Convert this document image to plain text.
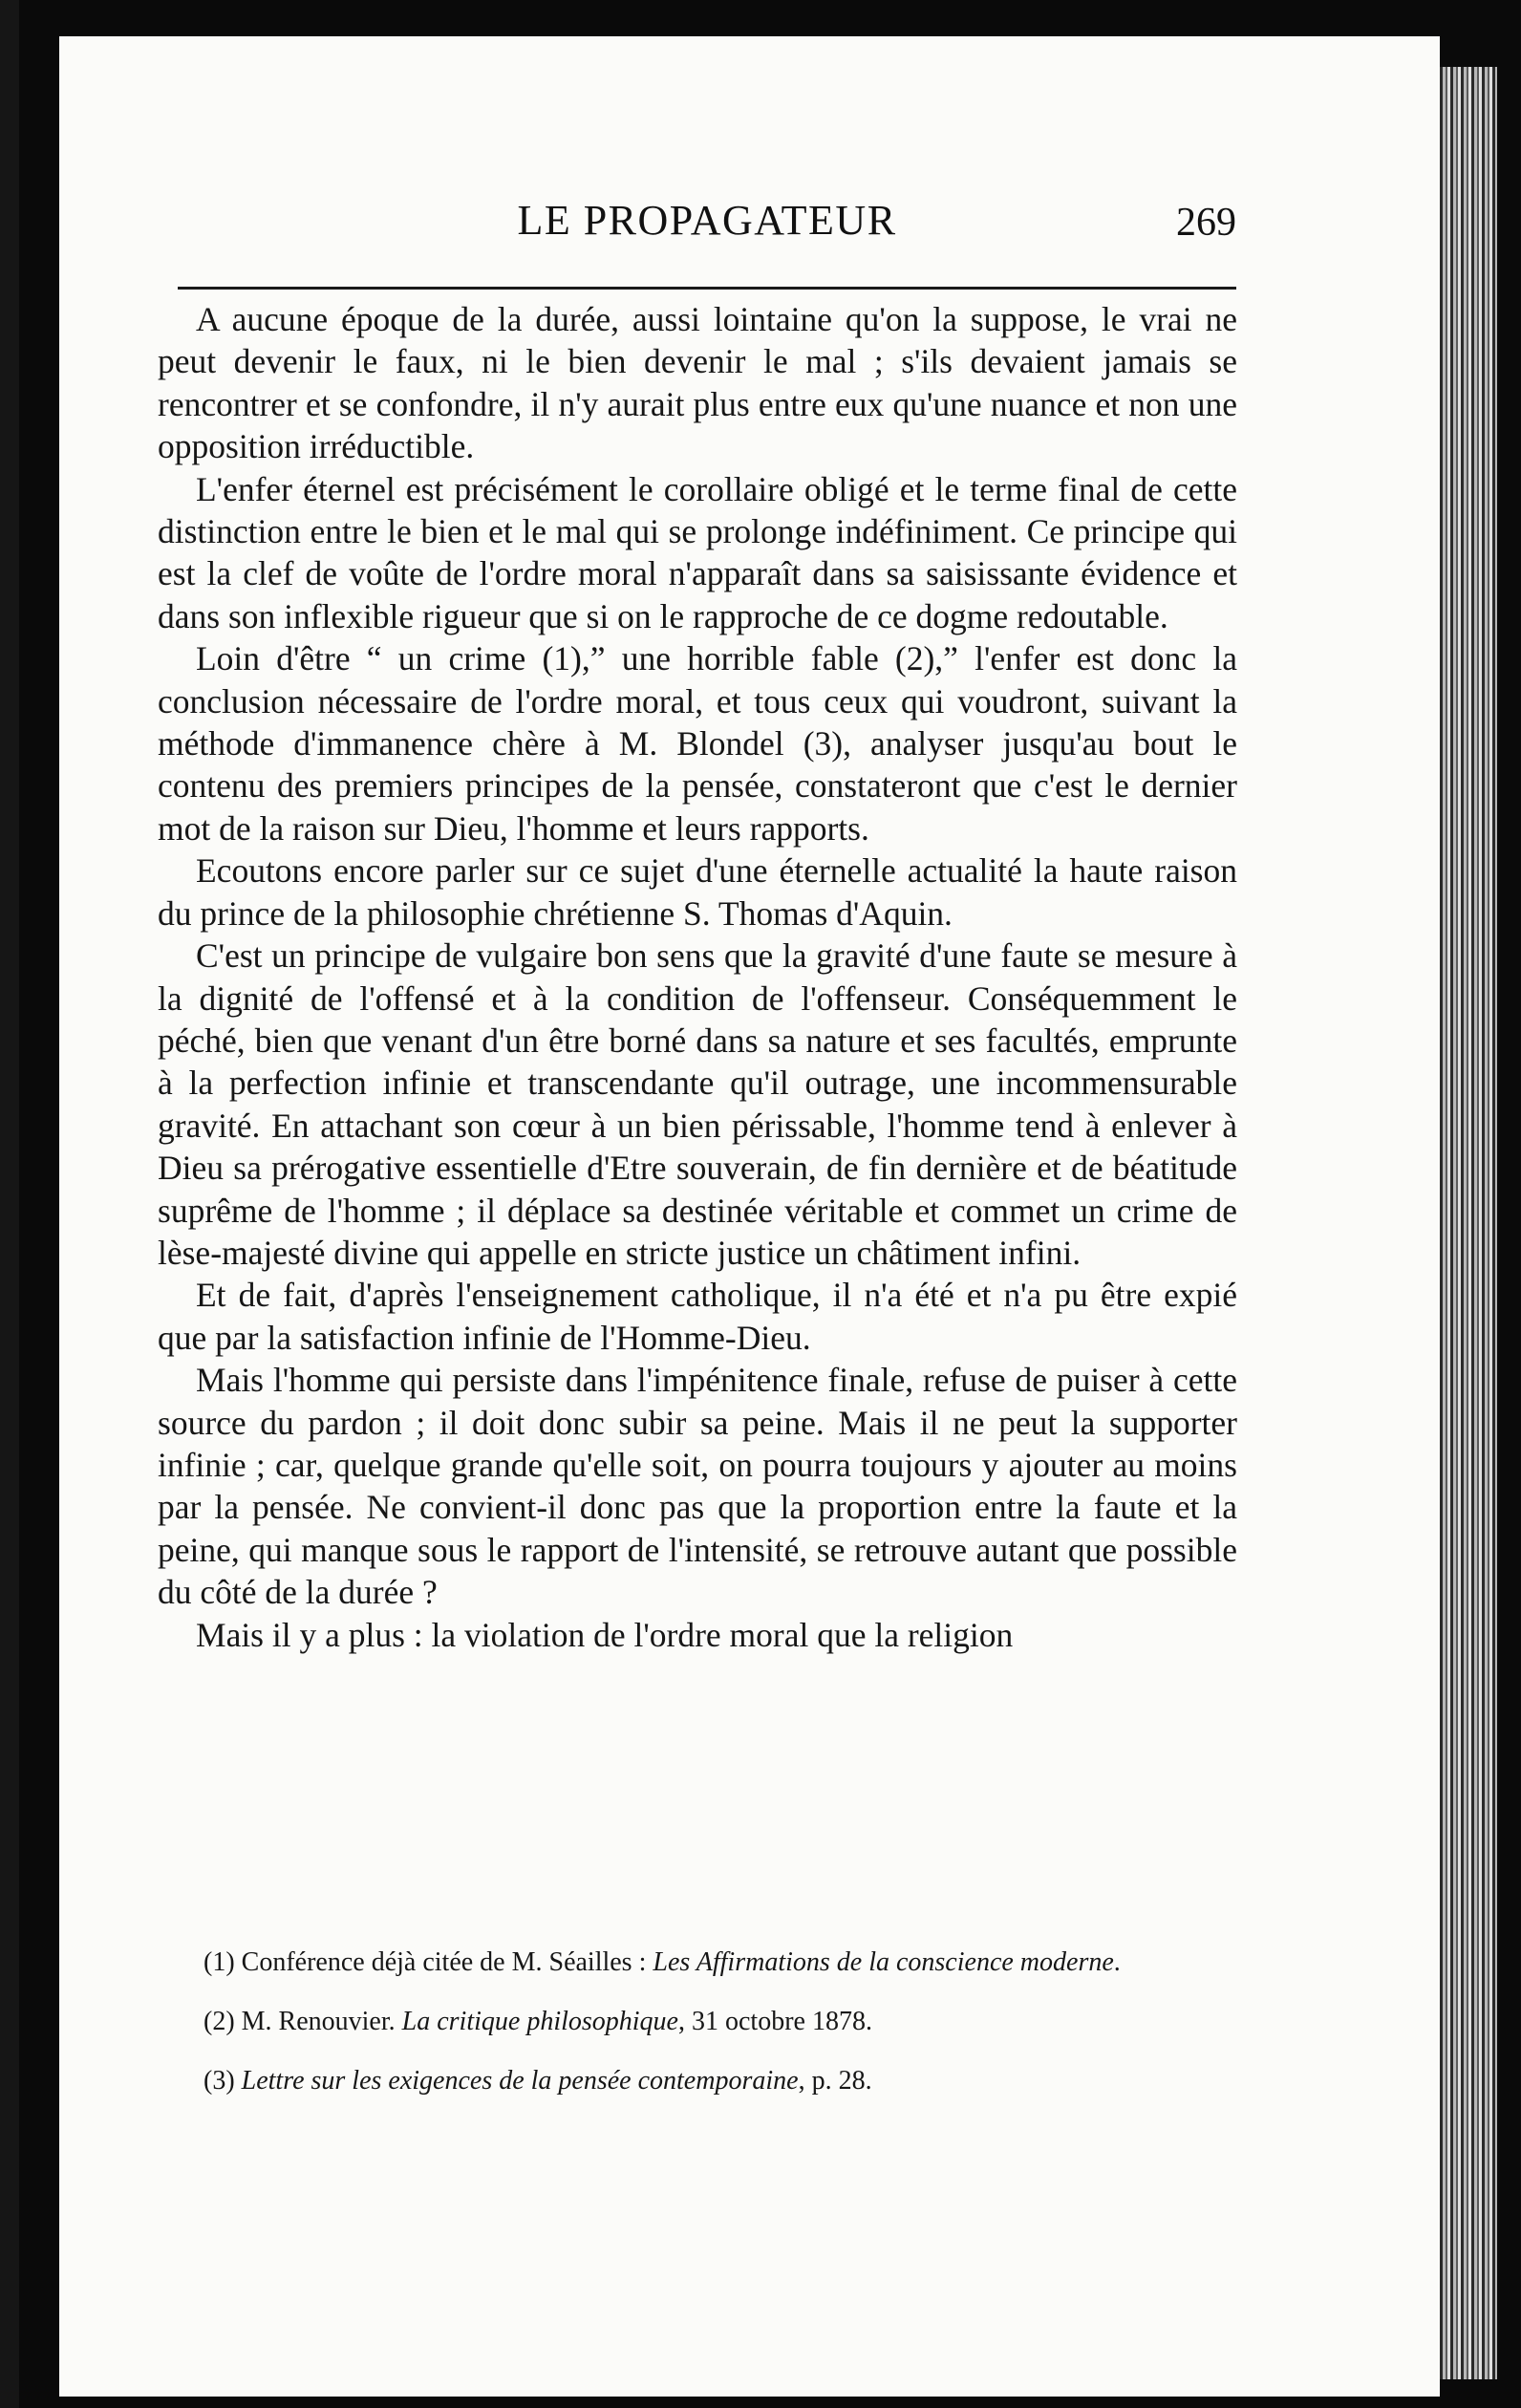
LE PROPAGATEUR	269

A aucune époque de la durée, aussi lointaine qu'on la suppose, le vrai ne peut devenir le faux, ni le bien devenir le mal ; s'ils devaient jamais se rencontrer et se confondre, il n'y aurait plus entre eux qu'une nuance et non une opposition irréductible.

L'enfer éternel est précisément le corollaire obligé et le terme final de cette distinction entre le bien et le mal qui se prolonge indéfiniment. Ce principe qui est la clef de voûte de l'ordre moral n'apparaît dans sa saisissante évidence et dans son inflexible rigueur que si on le rapproche de ce dogme redoutable.

Loin d'être “ un crime (1),” une horrible fable (2),” l'enfer est donc la conclusion nécessaire de l'ordre moral, et tous ceux qui voudront, suivant la méthode d'immanence chère à M. Blondel (3), analyser jusqu'au bout le contenu des premiers principes de la pensée, constateront que c'est le dernier mot de la raison sur Dieu, l'homme et leurs rapports.

Ecoutons encore parler sur ce sujet d'une éternelle actualité la haute raison du prince de la philosophie chrétienne S. Thomas d'Aquin.

C'est un principe de vulgaire bon sens que la gravité d'une faute se mesure à la dignité de l'offensé et à la condition de l'offenseur. Conséquemment le péché, bien que venant d'un être borné dans sa nature et ses facultés, emprunte à la perfection infinie et transcendante qu'il outrage, une incommensurable gravité. En attachant son cœur à un bien périssable, l'homme tend à enlever à Dieu sa prérogative essentielle d'Etre souverain, de fin dernière et de béatitude suprême de l'homme ; il déplace sa destinée véritable et commet un crime de lèse-majesté divine qui appelle en stricte justice un châtiment infini.

Et de fait, d'après l'enseignement catholique, il n'a été et n'a pu être expié que par la satisfaction infinie de l'Homme-Dieu.

Mais l'homme qui persiste dans l'impénitence finale, refuse de puiser à cette source du pardon ; il doit donc subir sa peine. Mais il ne peut la supporter infinie ; car, quelque grande qu'elle soit, on pourra toujours y ajouter au moins par la pensée. Ne convient-il donc pas que la proportion entre la faute et la peine, qui manque sous le rapport de l'intensité, se retrouve autant que possible du côté de la durée ?

Mais il y a plus : la violation de l'ordre moral que la religion

(1) Conférence déjà citée de M. Séailles : Les Affirmations de la conscience moderne.

(2) M. Renouvier. La critique philosophique, 31 octobre 1878.

(3) Lettre sur les exigences de la pensée contemporaine, p. 28.
